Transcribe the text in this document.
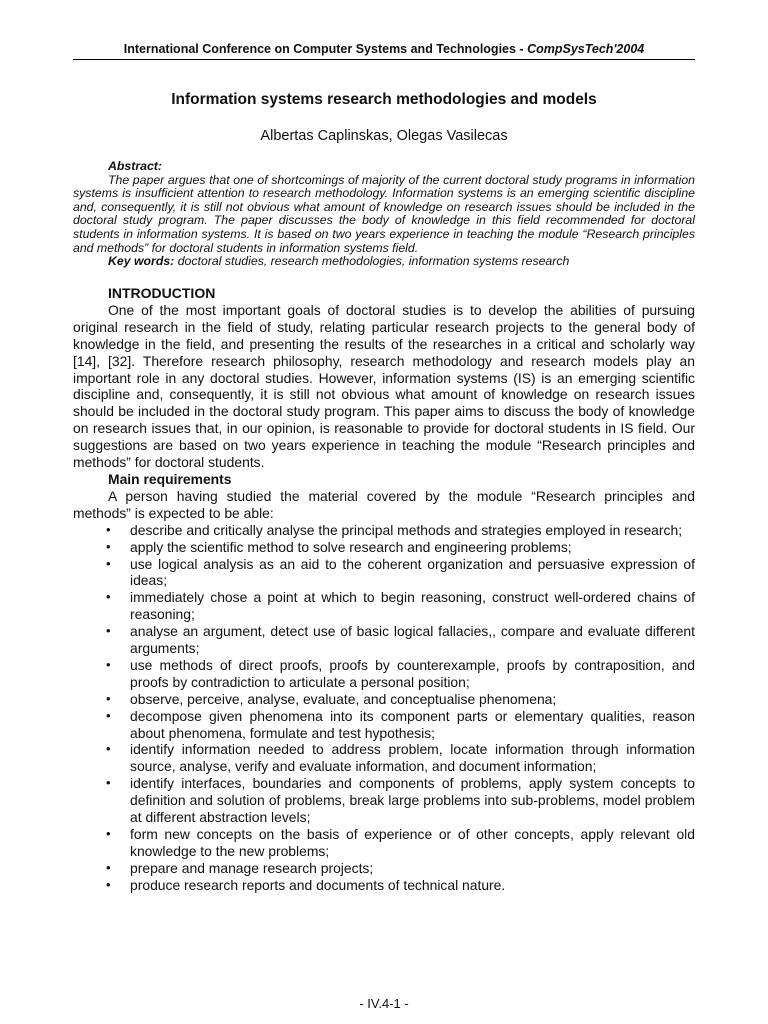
International Conference on Computer Systems and Technologies - CompSysTech'2004
Information systems research methodologies and models
Albertas Caplinskas, Olegas Vasilecas
Abstract:
The paper argues that one of shortcomings of majority of the current doctoral study programs in information systems is insufficient attention to research methodology. Information systems is an emerging scientific discipline and, consequently, it is still not obvious what amount of knowledge on research issues should be included in the doctoral study program. The paper discusses the body of knowledge in this field recommended for doctoral students in information systems. It is based on two years experience in teaching the module “Research principles and methods” for doctoral students in information systems field.
Key words: doctoral studies, research methodologies, information systems research
INTRODUCTION
One of the most important goals of doctoral studies is to develop the abilities of pursuing original research in the field of study, relating particular research projects to the general body of knowledge in the field, and presenting the results of the researches in a critical and scholarly way [14], [32]. Therefore research philosophy, research methodology and research models play an important role in any doctoral studies. However, information systems (IS) is an emerging scientific discipline and, consequently, it is still not obvious what amount of knowledge on research issues should be included in the doctoral study program. This paper aims to discuss the body of knowledge on research issues that, in our opinion, is reasonable to provide for doctoral students in IS field. Our suggestions are based on two years experience in teaching the module “Research principles and methods” for doctoral students.
Main requirements
A person having studied the material covered by the module “Research principles and methods” is expected to be able:
• describe and critically analyse the principal methods and strategies employed in research;
• apply the scientific method to solve research and engineering problems;
• use logical analysis as an aid to the coherent organization and persuasive expression of ideas;
• immediately chose a point at which to begin reasoning, construct well-ordered chains of reasoning;
• analyse an argument, detect use of basic logical fallacies,, compare and evaluate different arguments;
• use methods of direct proofs, proofs by counterexample, proofs by contraposition, and proofs by contradiction to articulate a personal position;
• observe, perceive, analyse, evaluate, and conceptualise phenomena;
• decompose given phenomena into its component parts or elementary qualities, reason about phenomena, formulate and test hypothesis;
• identify information needed to address problem, locate information through information source, analyse, verify and evaluate information, and document information;
• identify interfaces, boundaries and components of problems, apply system concepts to definition and solution of problems, break large problems into sub-problems, model problem at different abstraction levels;
• form new concepts on the basis of experience or of other concepts, apply relevant old knowledge to the new problems;
• prepare and manage research projects;
• produce research reports and documents of technical nature.
- IV.4-1 -
